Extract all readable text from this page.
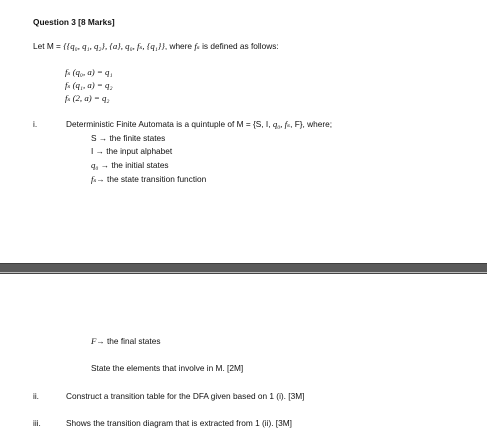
Question 3 [8 Marks]
Let M = {{q₀, q₁, q₂}, {a}, q₀, fₛ, {q₁}}, where fₛ is defined as follows:
fₛ (q₀, a) = q₁
fₛ (q₁, a) = q₂
fₛ (2, a) = q₂
i.	Deterministic Finite Automata is a quintuple of M = {S, I, q₀, fₛ, F}, where;
S → the finite states
I → the input alphabet
q₀ → the initial states
fₛ→ the state transition function
F→ the final states
State the elements that involve in M. [2M]
ii.	Construct a transition table for the DFA given based on 1 (i). [3M]
iii.	Shows the transition diagram that is extracted from 1 (ii). [3M]
